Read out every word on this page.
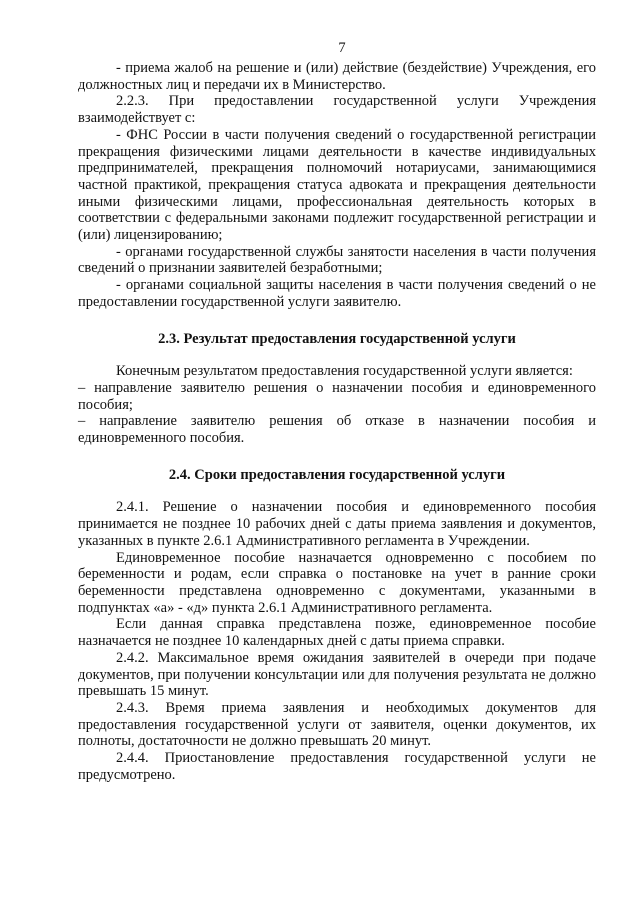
7

- приема жалоб на решение и (или) действие (бездействие) Учреждения, его должностных лиц и передачи их в Министерство.

2.2.3. При предоставлении государственной услуги Учреждения взаимодействует с:

- ФНС России в части получения сведений о государственной регистрации прекращения физическими лицами деятельности в качестве индивидуальных предпринимателей, прекращения полномочий нотариусами, занимающимися частной практикой, прекращения статуса адвоката и прекращения деятельности иными физическими лицами, профессиональная деятельность которых в соответствии с федеральными законами подлежит государственной регистрации и (или) лицензированию;

- органами государственной службы занятости населения в части получения сведений о признании заявителей безработными;

- органами социальной защиты населения в части получения сведений о не предоставлении государственной услуги заявителю.

2.3. Результат предоставления государственной услуги

Конечным результатом предоставления государственной услуги является:

– направление заявителю решения о назначении пособия и единовременного пособия;

– направление заявителю решения об отказе в назначении пособия и единовременного пособия.

2.4. Сроки предоставления государственной услуги

2.4.1. Решение о назначении пособия и единовременного пособия принимается не позднее 10 рабочих дней с даты приема заявления и документов, указанных в пункте 2.6.1 Административного регламента в Учреждении.

Единовременное пособие назначается одновременно с пособием по беременности и родам, если справка о постановке на учет в ранние сроки беременности представлена одновременно с документами, указанными в подпунктах «а» - «д» пункта 2.6.1 Административного регламента.

Если данная справка представлена позже, единовременное пособие назначается не позднее 10 календарных дней с даты приема справки.

2.4.2. Максимальное время ожидания заявителей в очереди при подаче документов, при получении консультации или для получения результата не должно превышать 15 минут.

2.4.3. Время приема заявления и необходимых документов для предоставления государственной услуги от заявителя, оценки документов, их полноты, достаточности не должно превышать 20 минут.

2.4.4. Приостановление предоставления государственной услуги не предусмотрено.
